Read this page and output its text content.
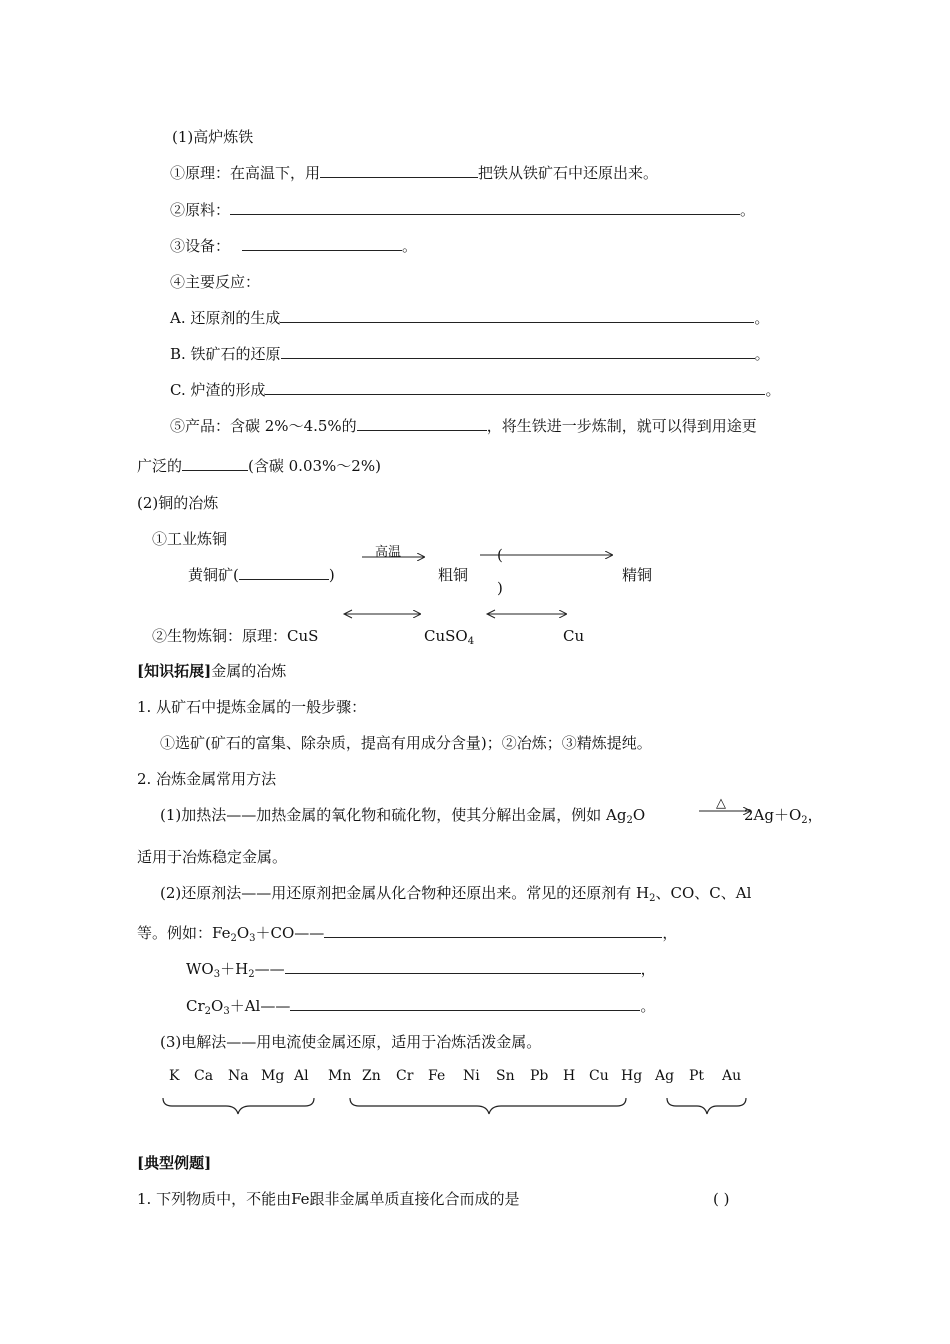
(1)高炉炼铁
①原理：在高温下，用	把铁从铁矿石中还原出来。
②原料：	。
③设备：	。
④主要反应：
A. 还原剂的生成	。
B. 铁矿石的还原	。
C. 炉渣的形成	。
⑤产品：含碳 2%～4.5%的	，将生铁进一步炼制，就可以得到用途更
广泛的	(含碳 0.03%～2%)
(2)铜的冶炼
①工业炼铜
黄铜矿(	)
高温
粗铜
(
)
精铜
②生物炼铜：原理：CuS	CuSO$_4$	Cu
[知识拓展]金属的冶炼
1. 从矿石中提炼金属的一般步骤：
①选矿(矿石的富集、除杂质，提高有用成分含量)；②冶炼；③精炼提纯。
2. 冶炼金属常用方法
(1)加热法——加热金属的氧化物和硫化物，使其分解出金属，例如 $Ag_2O$
△
$2Ag+O_2$，
适用于冶炼稳定金属。
(2)还原剂法——用还原剂把金属从化合物种还原出来。常见的还原剂有 $H_2$、CO、C、Al
等。例如：$Fe_2O_3+CO——$	，
$WO_3+H_2——$	，
$Cr_2O_3+Al——$	。
(3)电解法——用电流使金属还原，适用于冶炼活泼金属。
K Ca Na Mg Al Mn Zn Cr Fe Ni Sn Pb H Cu Hg Ag Pt Au
[典型例题]
1. 下列物质中，不能由Fe跟非金属单质直接化合而成的是	( )
